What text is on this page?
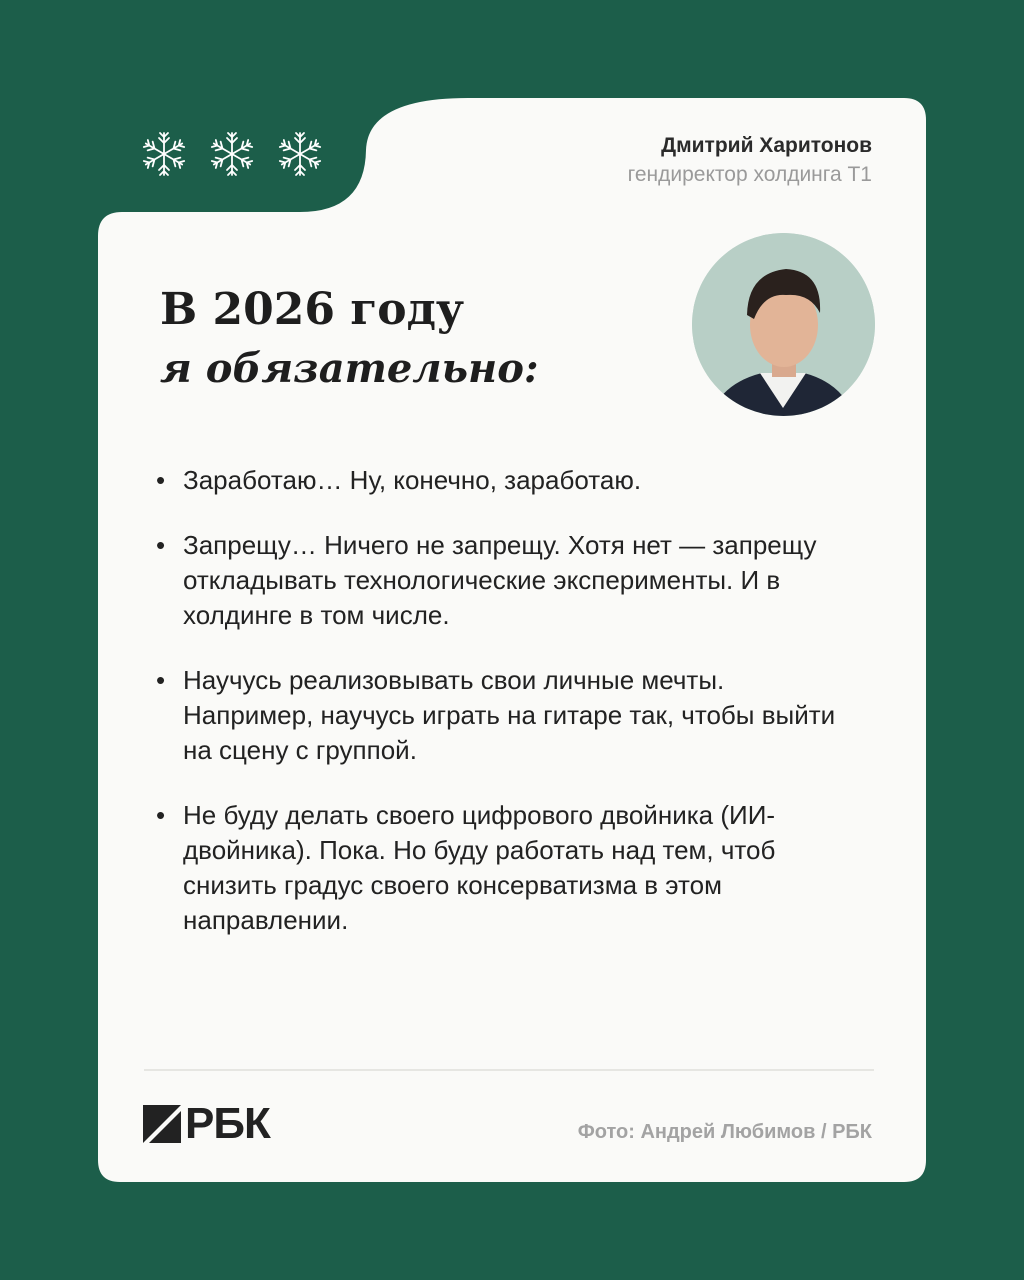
Дмитрий Харитонов
гендиректор холдинга Т1
В 2026 году
я обязательно:
• Заработаю… Ну, конечно, заработаю.
• Запрещу… Ничего не запрещу. Хотя нет — запрещу откладывать технологические эксперименты. И в холдинге в том числе.
• Научусь реализовывать свои личные мечты. Например, научусь играть на гитаре так, чтобы выйти на сцену с группой.
• Не буду делать своего цифрового двойника (ИИ-двойника). Пока. Но буду работать над тем, чтоб снизить градус своего консерватизма в этом направлении.
РБК	Фото: Андрей Любимов / РБК
